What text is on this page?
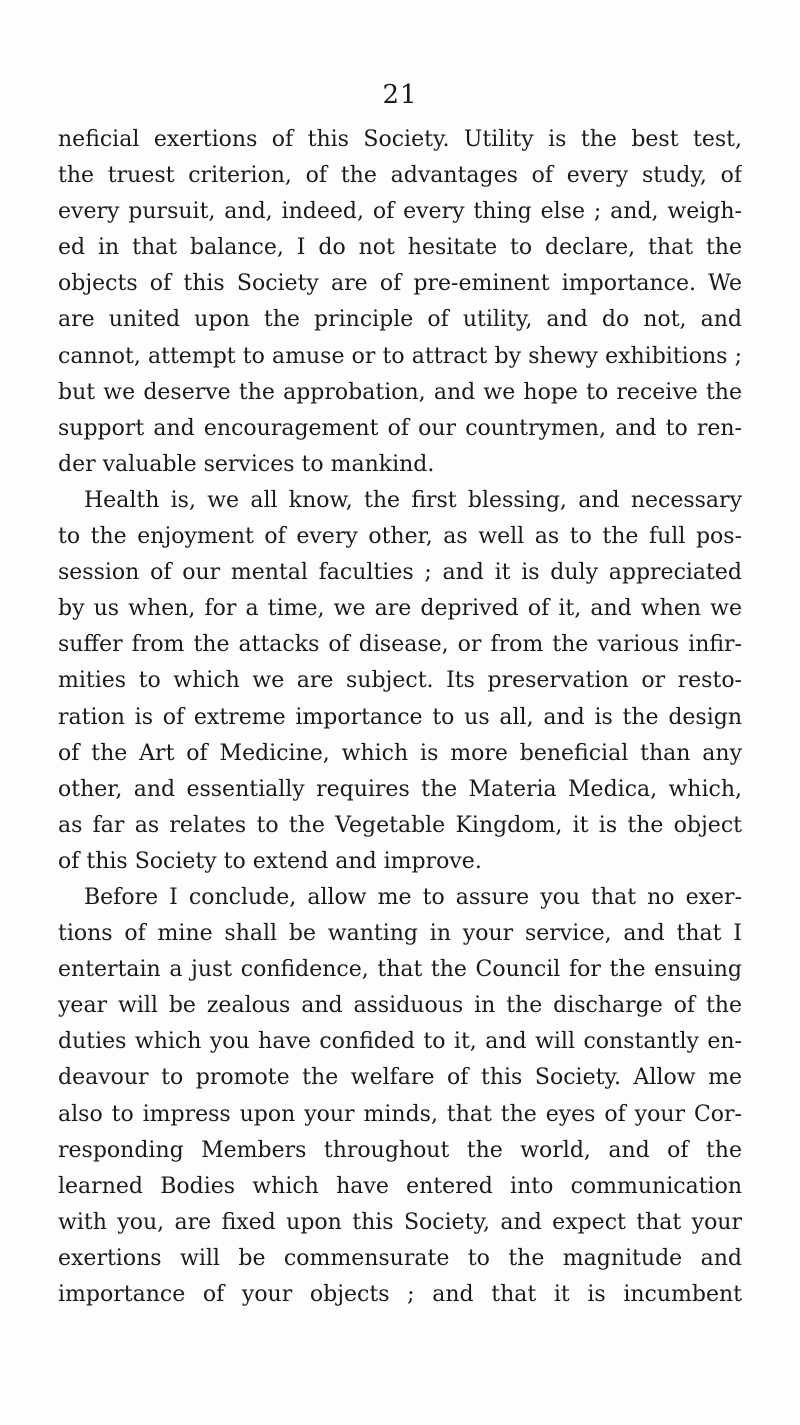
21
neficial exertions of this Society. Utility is the best test,
the truest criterion, of the advantages of every study, of
every pursuit, and, indeed, of every thing else ; and, weigh-
ed in that balance, I do not hesitate to declare, that the
objects of this Society are of pre-eminent importance. We
are united upon the principle of utility, and do not, and
cannot, attempt to amuse or to attract by shewy exhibitions ;
but we deserve the approbation, and we hope to receive the
support and encouragement of our countrymen, and to ren-
der valuable services to mankind.
Health is, we all know, the first blessing, and necessary
to the enjoyment of every other, as well as to the full pos-
session of our mental faculties ; and it is duly appreciated
by us when, for a time, we are deprived of it, and when we
suffer from the attacks of disease, or from the various infir-
mities to which we are subject. Its preservation or resto-
ration is of extreme importance to us all, and is the design
of the Art of Medicine, which is more beneficial than any
other, and essentially requires the Materia Medica, which,
as far as relates to the Vegetable Kingdom, it is the object
of this Society to extend and improve.
Before I conclude, allow me to assure you that no exer-
tions of mine shall be wanting in your service, and that I
entertain a just confidence, that the Council for the ensuing
year will be zealous and assiduous in the discharge of the
duties which you have confided to it, and will constantly en-
deavour to promote the welfare of this Society. Allow me
also to impress upon your minds, that the eyes of your Cor-
responding Members throughout the world, and of the
learned Bodies which have entered into communication
with you, are fixed upon this Society, and expect that your
exertions will be commensurate to the magnitude and
importance of your objects ; and that it is incumbent
